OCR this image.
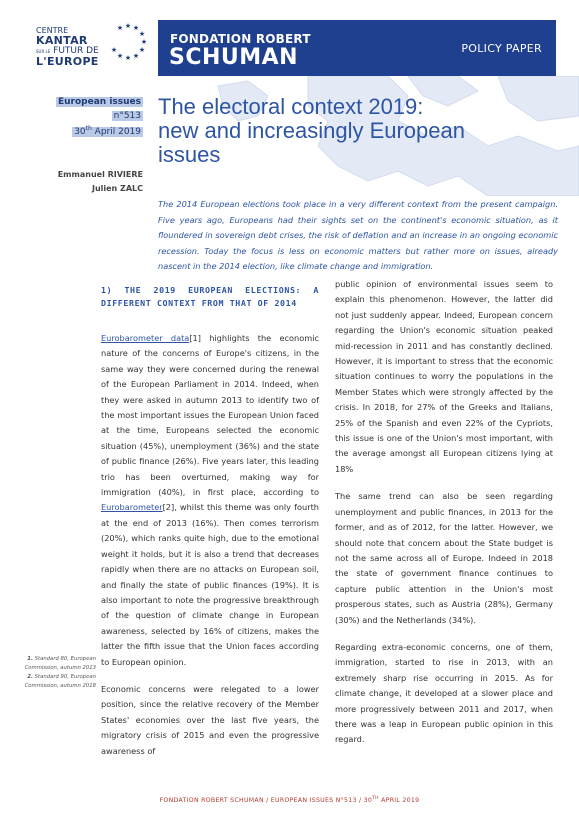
CENTRE
KANTAR
SUR LE FUTUR DE
L'EUROPE
★ ★
★
★
★
★
★
★
★
★
FONDATION ROBERT
SCHUMAN	POLICY PAPER
European issues
n°513
30th April 2019
Emmanuel RIVIERE
Julien ZALC
The electoral context 2019:
new and increasingly European
issues
The 2014 European elections took place in a very different context from the present campaign. Five years ago, Europeans had their sights set on the continent's economic situation, as it floundered in sovereign debt crises, the risk of deflation and an increase in an ongoing economic recession. Today the focus is less on economic matters but rather more on issues, already nascent in the 2014 election, like climate change and immigration.

1) THE 2019 EUROPEAN ELECTIONS: A DIFFERENT CONTEXT FROM THAT OF 2014

Eurobarometer data[1] highlights the economic nature of the concerns of Europe's citizens, in the same way they were concerned during the renewal of the European Parliament in 2014. Indeed, when they were asked in autumn 2013 to identify two of the most important issues the European Union faced at the time, Europeans selected the economic situation (45%), unemployment (36%) and the state of public finance (26%). Five years later, this leading trio has been overturned, making way for immigration (40%), in first place, according to Eurobarometer[2], whilst this theme was only fourth at the end of 2013 (16%). Then comes terrorism (20%), which ranks quite high, due to the emotional weight it holds, but it is also a trend that decreases rapidly when there are no attacks on European soil, and finally the state of public finances (19%). It is also important to note the progressive breakthrough of the question of climate change in European awareness, selected by 16% of citizens, makes the latter the fifth issue that the Union faces according to European opinion.

Economic concerns were relegated to a lower position, since the relative recovery of the Member States' economies over the last five years, the migratory crisis of 2015 and even the progressive awareness of

public opinion of environmental issues seem to explain this phenomenon. However, the latter did not just suddenly appear. Indeed, European concern regarding the Union's economic situation peaked mid-recession in 2011 and has constantly declined. However, it is important to stress that the economic situation continues to worry the populations in the Member States which were strongly affected by the crisis. In 2018, for 27% of the Greeks and Italians, 25% of the Spanish and even 22% of the Cypriots, this issue is one of the Union's most important, with the average amongst all European citizens lying at 18%

The same trend can also be seen regarding unemployment and public finances, in 2013 for the former, and as of 2012, for the latter. However, we should note that concern about the State budget is not the same across all of Europe. Indeed in 2018 the state of government finance continues to capture public attention in the Union's most prosperous states, such as Austria (28%), Germany (30%) and the Netherlands (34%).

Regarding extra-economic concerns, one of them, immigration, started to rise in 2013, with an extremely sharp rise occurring in 2015. As for climate change, it developed at a slower place and more progressively between 2011 and 2017, when there was a leap in European public opinion in this regard.

1. Standard 80, European Commission, autumn 2013
2. Standard 90, European Commission, autumn 2018
FONDATION ROBERT SCHUMAN / EUROPEAN ISSUES N°513 / 30TH APRIL 2019
